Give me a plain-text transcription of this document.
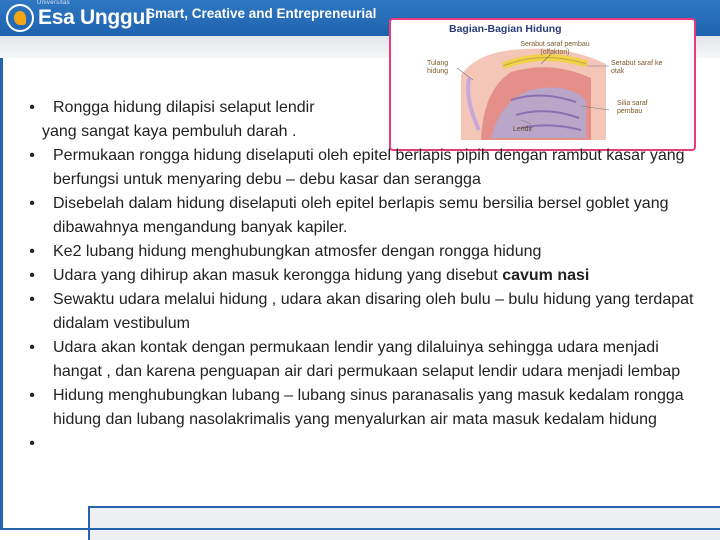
Esa Unggul
Universitas
Smart, Creative and Entrepreneurial
Bagian-Bagian Hidung
Serabut saraf pembau (olfaktori)
Tulang hidung
Serabut saraf ke otak
Lendir
Silia saraf pembau
•	Rongga hidung dilapisi selaput lendir
yang sangat kaya pembuluh darah .
• Permukaan rongga hidung diselaputi oleh epitel berlapis pipih dengan rambut kasar yang berfungsi untuk menyaring debu – debu kasar dan serangga
• Disebelah dalam hidung diselaputi oleh epitel berlapis semu bersilia bersel goblet yang dibawahnya mengandung banyak kapiler.
• Ke2 lubang hidung menghubungkan atmosfer dengan rongga hidung
• Udara yang dihirup akan masuk kerongga hidung yang disebut cavum nasi
• Sewaktu udara melalui hidung , udara akan disaring oleh bulu – bulu hidung yang terdapat didalam vestibulum
• Udara akan kontak dengan permukaan lendir yang dilaluinya sehingga udara menjadi hangat , dan karena penguapan air dari permukaan selaput lendir udara menjadi lembap
• Hidung menghubungkan lubang – lubang sinus paranasalis yang masuk kedalam rongga hidung dan lubang nasolakrimalis yang menyalurkan air mata masuk kedalam hidung
•
